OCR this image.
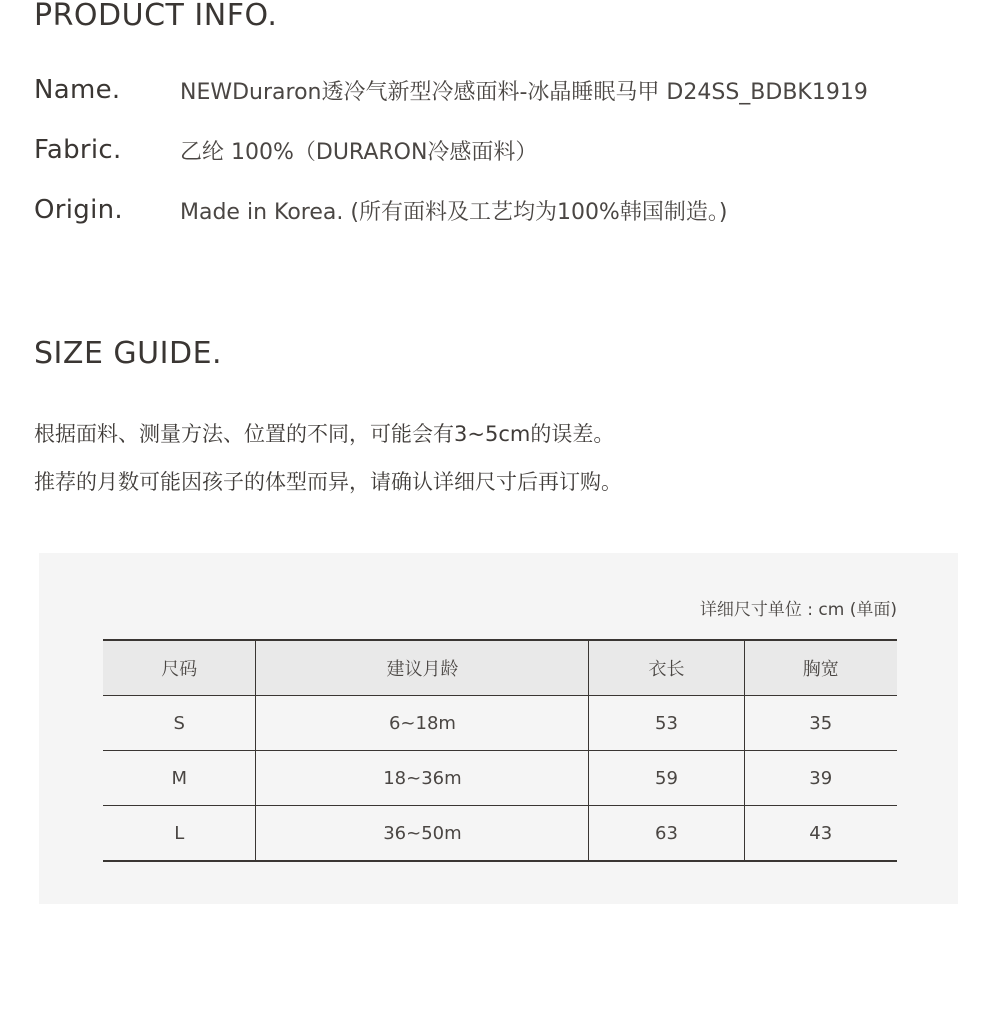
PRODUCT INFO.
Name.	NEWDuraron透冷气新型冷感面料-冰晶睡眠马甲 D24SS_BDBK1919
Fabric.	乙纶 100%（DURARON冷感面料）
Origin.	Made in Korea. (所有面料及工艺均为100%韩国制造。)
SIZE GUIDE.
根据面料、测量方法、位置的不同，可能会有3~5cm的误差。
推荐的月数可能因孩子的体型而异，请确认详细尺寸后再订购。
详细尺寸单位 : cm (单面)
尺码	建议月龄	衣长	胸宽
S	6~18m	53	35
M	18~36m	59	39
L	36~50m	63	43
